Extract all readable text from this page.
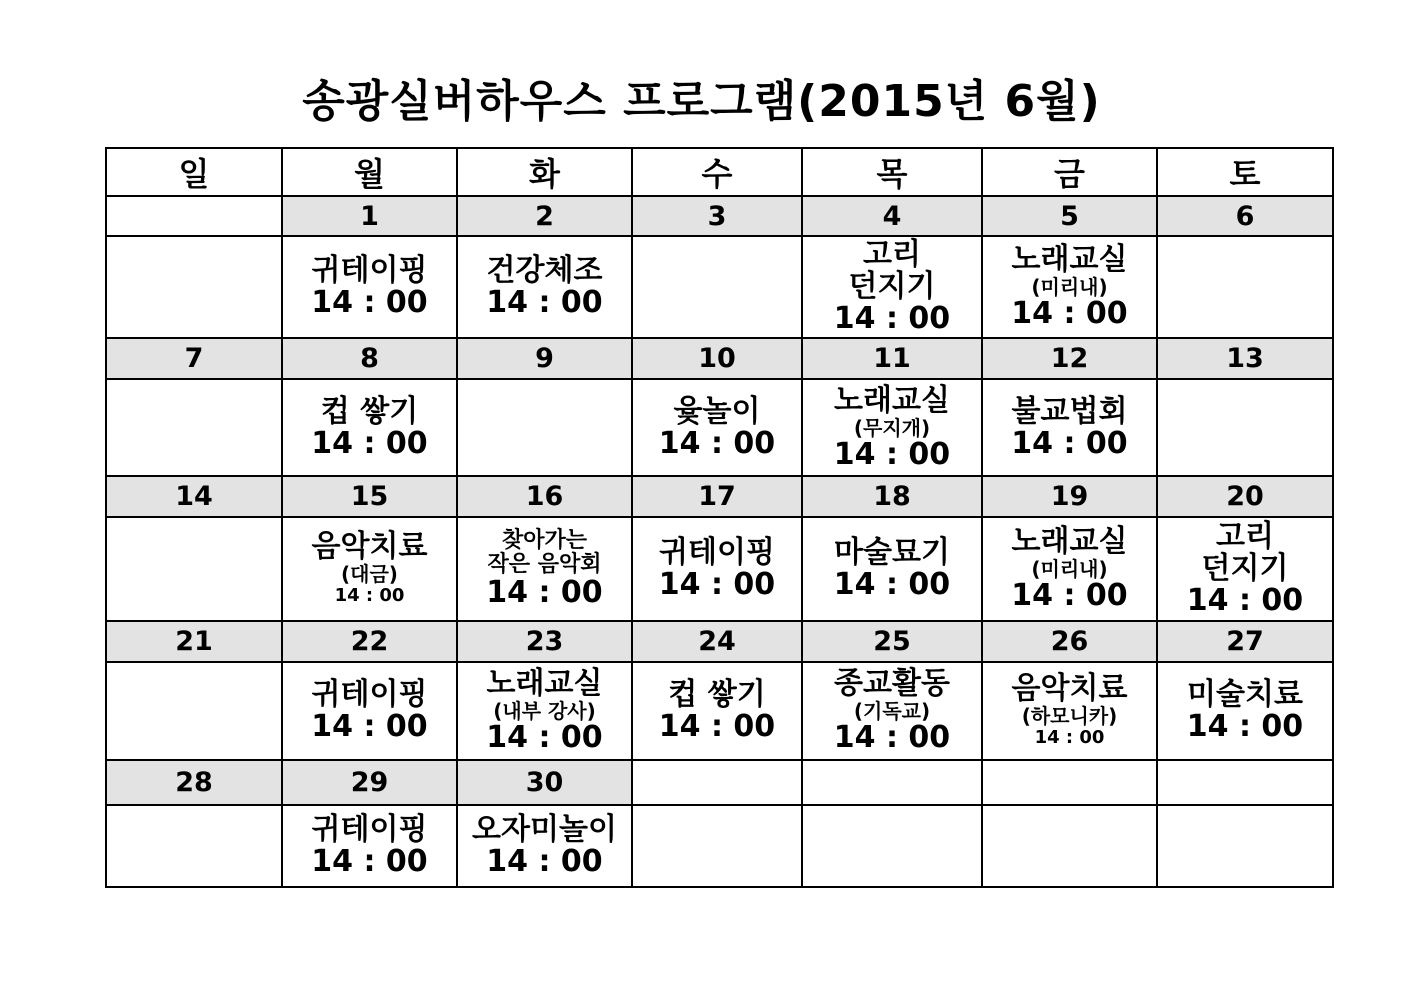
송광실버하우스 프로그램(2015년 6월)
일	월	화	수	목	금	토
	1	2	3	4	5	6

	귀테이핑
14 : 00	건강체조
14 : 00		고리
던지기
14 : 00	노래교실
(미리내)
14 : 00	

7	8	9	10	11	12	13

	컵 쌓기
14 : 00		윷놀이
14 : 00	노래교실
(무지개)
14 : 00	불교법회
14 : 00	

14	15	16	17	18	19	20

	음악치료
(대금)
14 : 00	찾아가는
작은 음악회
14 : 00	귀테이핑
14 : 00	마술묘기
14 : 00	노래교실
(미리내)
14 : 00	고리
던지기
14 : 00

21	22	23	24	25	26	27

	귀테이핑
14 : 00	노래교실
(내부 강사)
14 : 00	컵 쌓기
14 : 00	종교활동
(기독교)
14 : 00	음악치료
(하모니카)
14 : 00	미술치료
14 : 00

28	29	30				

	귀테이핑
14 : 00	오자미놀이
14 : 00				
